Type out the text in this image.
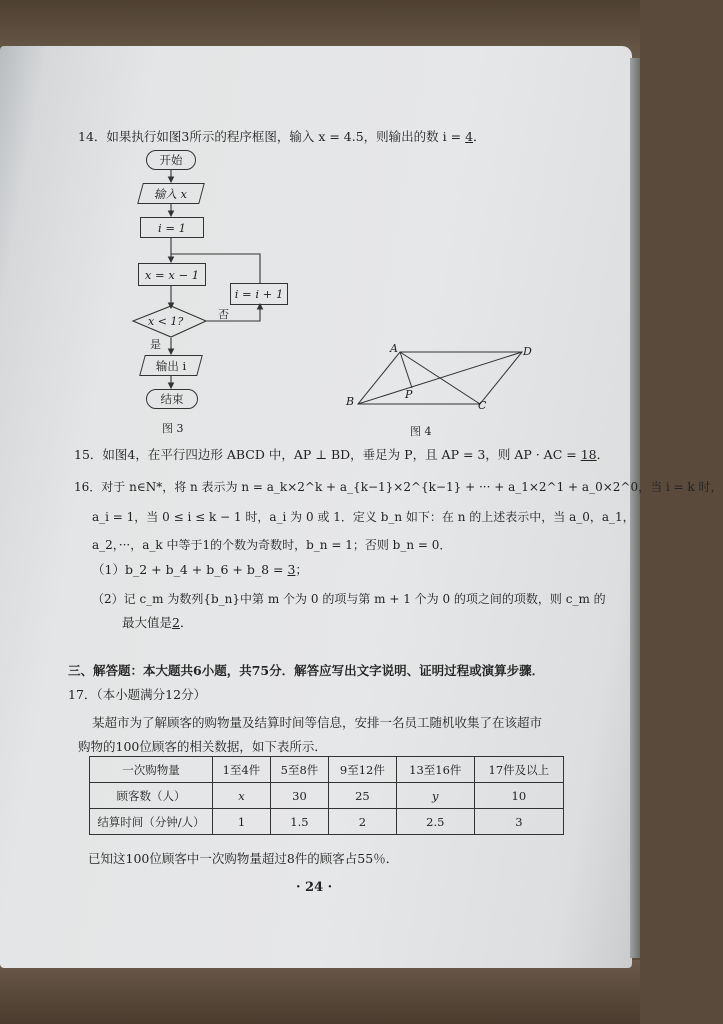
14．如果执行如图3所示的程序框图，输入 x = 4.5，则输出的数 i = 4．
开始
输入 x
i = 1
x = x − 1
i = i + 1
x < 1?
否
是
输出 i
结束
图 3
A	D
B	C
P
图 4
15．如图4，在平行四边形 ABCD 中，AP ⊥ BD，垂足为 P，且 AP = 3，则 AP · AC = 18．
16．对于 n∈N*，将 n 表示为 n = a_k×2^k + a_{k−1}×2^{k−1} + ··· + a_1×2^1 + a_0×2^0，当 i = k 时，
a_i = 1，当 0 ≤ i ≤ k − 1 时，a_i 为 0 或 1．定义 b_n 如下：在 n 的上述表示中，当 a_0，a_1，
a_2，···，a_k 中等于1的个数为奇数时，b_n = 1；否则 b_n = 0．
（1）b_2 + b_4 + b_6 + b_8 = 3；
（2）记 c_m 为数列{b_n}中第 m 个为 0 的项与第 m + 1 个为 0 的项之间的项数，则 c_m 的
最大值是2．
三、解答题：本大题共6小题，共75分．解答应写出文字说明、证明过程或演算步骤．
17．（本小题满分12分）
某超市为了解顾客的购物量及结算时间等信息，安排一名员工随机收集了在该超市
购物的100位顾客的相关数据，如下表所示．
一次购物量	1至4件	5至8件	9至12件	13至16件	17件及以上
顾客数（人）	x	30	25	y	10
结算时间（分钟/人）	1	1.5	2	2.5	3
已知这100位顾客中一次购物量超过8件的顾客占55％．
· 24 ·
